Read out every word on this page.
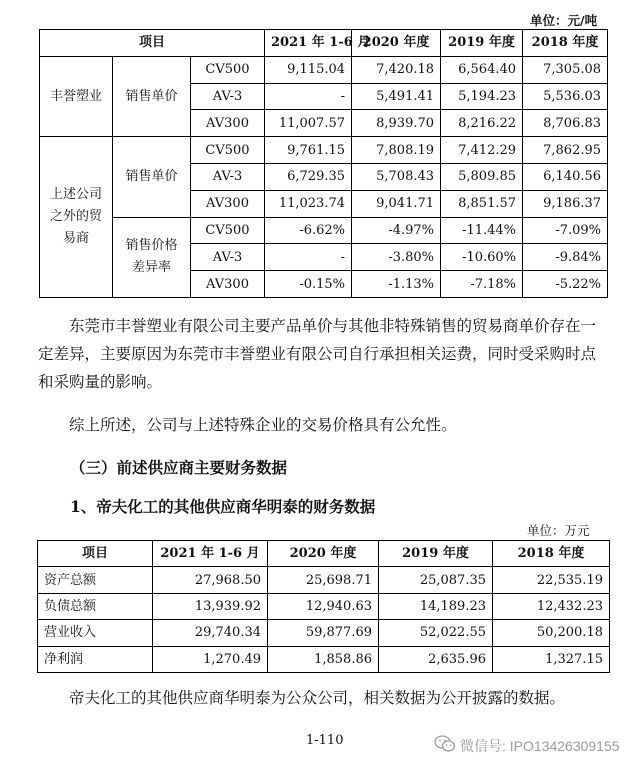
单位：元/吨
项目			2021 年 1-6 月	2020 年度	2019 年度	2018 年度
丰誉塑业	销售单价	CV500	9,115.04	7,420.18	6,564.40	7,305.08
		AV-3	-	5,491.41	5,194.23	5,536.03
		AV300	11,007.57	8,939.70	8,216.22	8,706.83
上述公司之外的贸易商	销售单价	CV500	9,761.15	7,808.19	7,412.29	7,862.95
		AV-3	6,729.35	5,708.43	5,809.85	6,140.56
		AV300	11,023.74	9,041.71	8,851.57	9,186.37
	销售价格差异率	CV500	-6.62%	-4.97%	-11.44%	-7.09%
		AV-3	-	-3.80%	-10.60%	-9.84%
		AV300	-0.15%	-1.13%	-7.18%	-5.22%
东莞市丰誉塑业有限公司主要产品单价与其他非特殊销售的贸易商单价存在一定差异，主要原因为东莞市丰誉塑业有限公司自行承担相关运费，同时受采购时点和采购量的影响。
综上所述，公司与上述特殊企业的交易价格具有公允性。
（三）前述供应商主要财务数据
1、帝夫化工的其他供应商华明泰的财务数据
单位：万元
项目	2021 年 1-6 月	2020 年度	2019 年度	2018 年度
资产总额	27,968.50	25,698.71	25,087.35	22,535.19
负债总额	13,939.92	12,940.63	14,189.23	12,432.23
营业收入	29,740.34	59,877.69	52,022.55	50,200.18
净利润	1,270.49	1,858.86	2,635.96	1,327.15
帝夫化工的其他供应商华明泰为公众公司，相关数据为公开披露的数据。
1-110	微信号: IPO13426309155
